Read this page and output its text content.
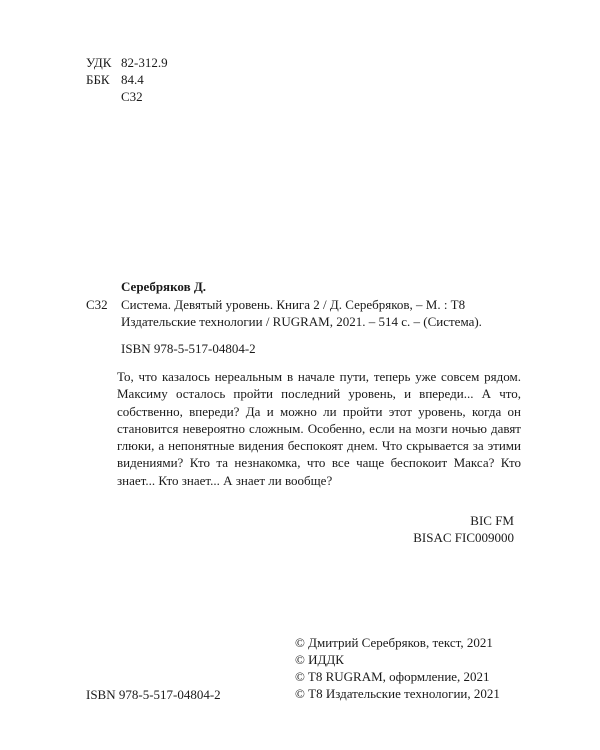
УДК 82-312.9
ББК 84.4
С32
Серебряков Д.
С32 Система. Девятый уровень. Книга 2 / Д. Серебряков, – М. : Т8
Издательские технологии / RUGRAM, 2021. – 514 с. – (Система).
ISBN 978-5-517-04804-2

То, что казалось нереальным в начале пути, теперь уже совсем рядом. Максиму осталось пройти последний уровень, и впереди... А что, собственно, впереди? Да и можно ли пройти этот уровень, когда он становится невероятно сложным. Особенно, если на мозги ночью давят глюки, а непонятные видения беспокоят днем. Что скрывается за этими видениями? Кто та незнакомка, что все чаще беспокоит Макса? Кто знает... Кто знает... А знает ли вообще?

BIC FM
BISAC FIC009000
© Дмитрий Серебряков, текст, 2021
© ИДДК
© T8 RUGRAM, оформление, 2021
© Т8 Издательские технологии, 2021
ISBN 978-5-517-04804-2
